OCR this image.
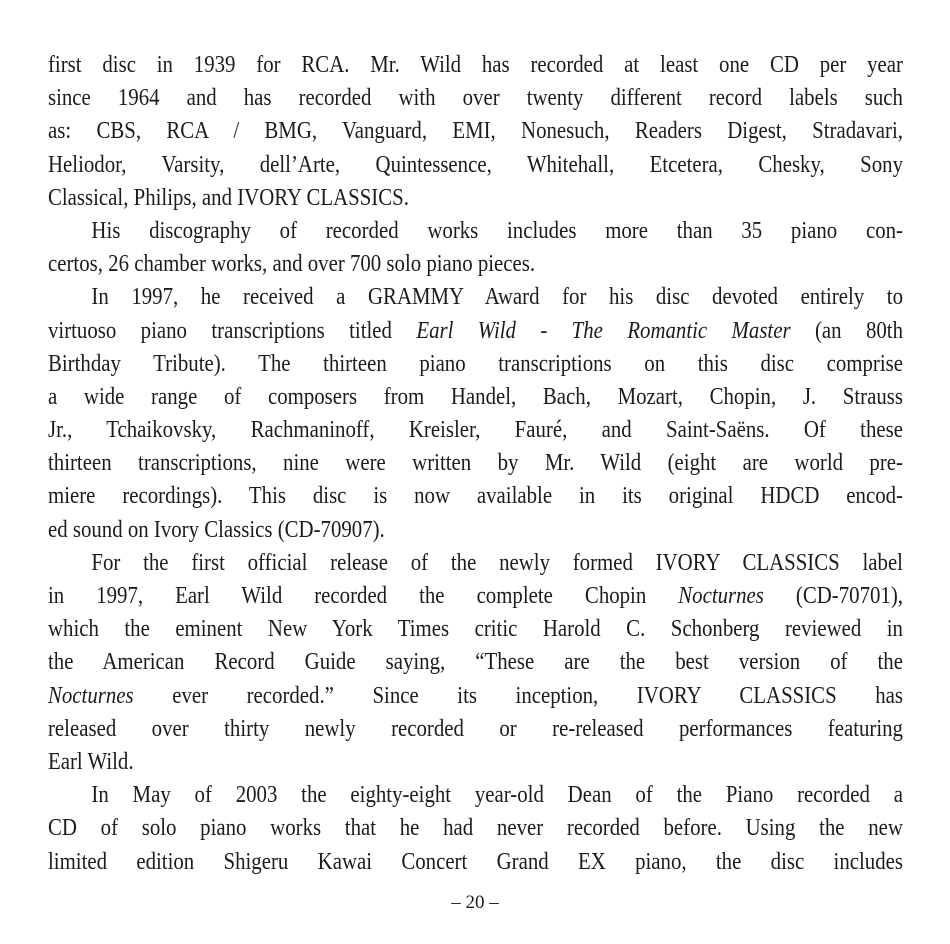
first disc in 1939 for RCA. Mr. Wild has recorded at least one CD per year
since 1964 and has recorded with over twenty different record labels such
as: CBS, RCA / BMG, Vanguard, EMI, Nonesuch, Readers Digest, Stradavari,
Heliodor, Varsity, dell’Arte, Quintessence, Whitehall, Etcetera, Chesky, Sony
Classical, Philips, and IVORY CLASSICS.
His discography of recorded works includes more than 35 piano con-
certos, 26 chamber works, and over 700 solo piano pieces.
In 1997, he received a GRAMMY Award for his disc devoted entirely to
virtuoso piano transcriptions titled Earl Wild - The Romantic Master (an 80th
Birthday Tribute). The thirteen piano transcriptions on this disc comprise
a wide range of composers from Handel, Bach, Mozart, Chopin, J. Strauss
Jr., Tchaikovsky, Rachmaninoff, Kreisler, Fauré, and Saint-Saëns. Of these
thirteen transcriptions, nine were written by Mr. Wild (eight are world pre-
miere recordings). This disc is now available in its original HDCD encod-
ed sound on Ivory Classics (CD-70907).
For the first official release of the newly formed IVORY CLASSICS label
in 1997, Earl Wild recorded the complete Chopin Nocturnes (CD-70701),
which the eminent New York Times critic Harold C. Schonberg reviewed in
the American Record Guide saying, “These are the best version of the
Nocturnes ever recorded.” Since its inception, IVORY CLASSICS has
released over thirty newly recorded or re-released performances featuring
Earl Wild.
In May of 2003 the eighty-eight year-old Dean of the Piano recorded a
CD of solo piano works that he had never recorded before. Using the new
limited edition Shigeru Kawai Concert Grand EX piano, the disc includes
– 20 –
